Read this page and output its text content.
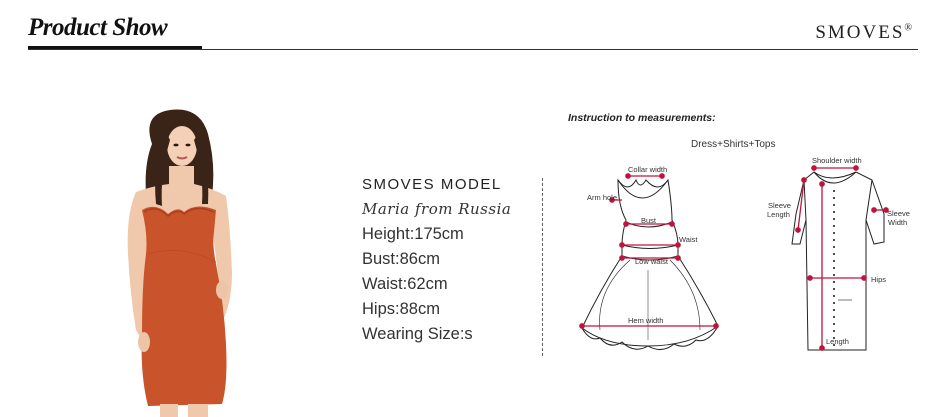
Product Show	SMOVES®
SMOVES MODEL
Maria from Russia
Height:175cm
Bust:86cm
Waist:62cm
Hips:88cm
Wearing Size:s
Instruction to measurements:
Dress+Shirts+Tops
Collar width
Arm hole
Bust
Waist
Low waist
Hem width
Shoulder width
Sleeve
Length	Sleeve
Width
Hips
Length
